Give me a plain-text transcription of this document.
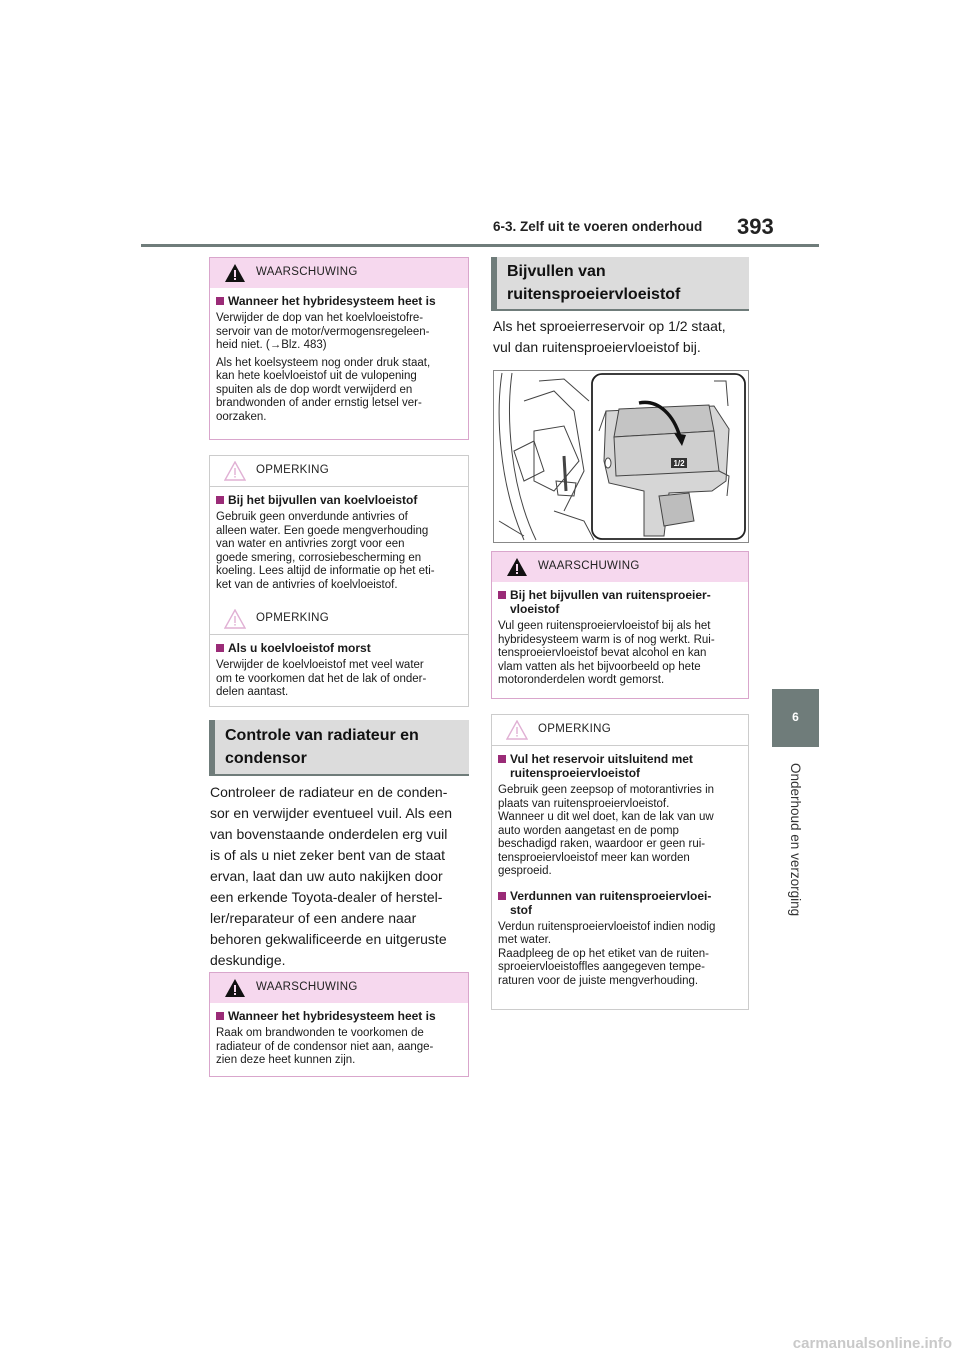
6-3. Zelf uit te voeren onderhoud 393
6
Onderhoud en verzorging
WAARSCHUWING
Wanneer het hybridesysteem heet is
Verwijder de dop van het koelvloeistofre-
servoir van de motor/vermogensregeleen-
heid niet. (→Blz. 483)
Als het koelsysteem nog onder druk staat,
kan hete koelvloeistof uit de vulopening
spuiten als de dop wordt verwijderd en
brandwonden of ander ernstig letsel ver-
oorzaken.
OPMERKING
Bij het bijvullen van koelvloeistof
Gebruik geen onverdunde antivries of
alleen water. Een goede mengverhouding
van water en antivries zorgt voor een
goede smering, corrosiebescherming en
koeling. Lees altijd de informatie op het eti-
ket van de antivries of koelvloeistof.
OPMERKING
Als u koelvloeistof morst
Verwijder de koelvloeistof met veel water
om te voorkomen dat het de lak of onder-
delen aantast.
Controle van radiateur en
condensor
Controleer de radiateur en de conden-
sor en verwijder eventueel vuil. Als een
van bovenstaande onderdelen erg vuil
is of als u niet zeker bent van de staat
ervan, laat dan uw auto nakijken door
een erkende Toyota-dealer of herstel-
ler/reparateur of een andere naar
behoren gekwalificeerde en uitgeruste
deskundige.
WAARSCHUWING
Wanneer het hybridesysteem heet is
Raak om brandwonden te voorkomen de
radiateur of de condensor niet aan, aange-
zien deze heet kunnen zijn.
Bijvullen van
ruitensproeiervloeistof
Als het sproeierreservoir op 1/2 staat,
vul dan ruitensproeiervloeistof bij.
1/2
WAARSCHUWING
Bij het bijvullen van ruitensproeier-
vloeistof
Vul geen ruitensproeiervloeistof bij als het
hybridesysteem warm is of nog werkt. Rui-
tensproeiervloeistof bevat alcohol en kan
vlam vatten als het bijvoorbeeld op hete
motoronderdelen wordt gemorst.
OPMERKING
Vul het reservoir uitsluitend met
ruitensproeiervloeistof
Gebruik geen zeepsop of motorantivries in
plaats van ruitensproeiervloeistof.
Wanneer u dit wel doet, kan de lak van uw
auto worden aangetast en de pomp
beschadigd raken, waardoor er geen rui-
tensproeiervloeistof meer kan worden
gesproeid.
Verdunnen van ruitensproeiervloei-
stof
Verdun ruitensproeiervloeistof indien nodig
met water.
Raadpleeg de op het etiket van de ruiten-
sproeiervloeistoffles aangegeven tempe-
raturen voor de juiste mengverhouding.
carmanualsonline.info
